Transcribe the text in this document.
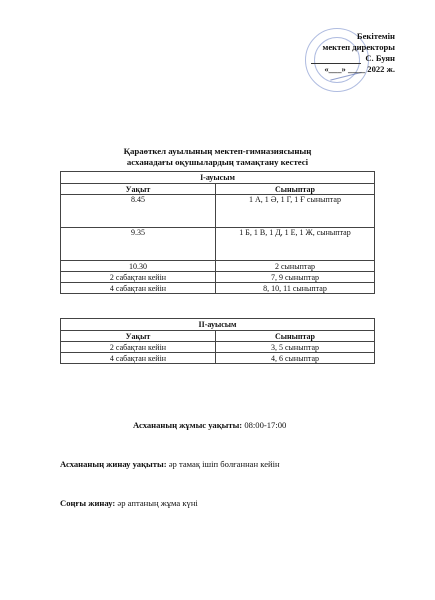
Бекітемін
мектеп директоры
С. Буян
«___» ____ 2022 ж.
Қараөткел ауылының мектеп-гимназиясының
асханадағы оқушылардың тамақтану кестесі
І-ауысым	
Уақыт	Сыныптар
8.45	1 А, 1 Ә, 1 Г, 1 Ғ сыныптар
9.35	1 Б, 1 В, 1 Д, 1 Е, 1 Ж, сыныптар
10.30	2 сыныптар
2 сабақтан кейін	7, 9 сыныптар
4 сабақтан кейін	8, 10, 11 сыныптар
ІІ-ауысым	
Уақыт	Сыныптар
2 сабақтан кейін	3, 5 сыныптар
4 сабақтан кейін	4, 6 сыныптар
Асхананың жұмыс уақыты: 08:00-17:00
Асхананың жинау уақыты: әр тамақ ішіп болғаннан кейін
Соңғы жинау: әр аптаның жұма күні
